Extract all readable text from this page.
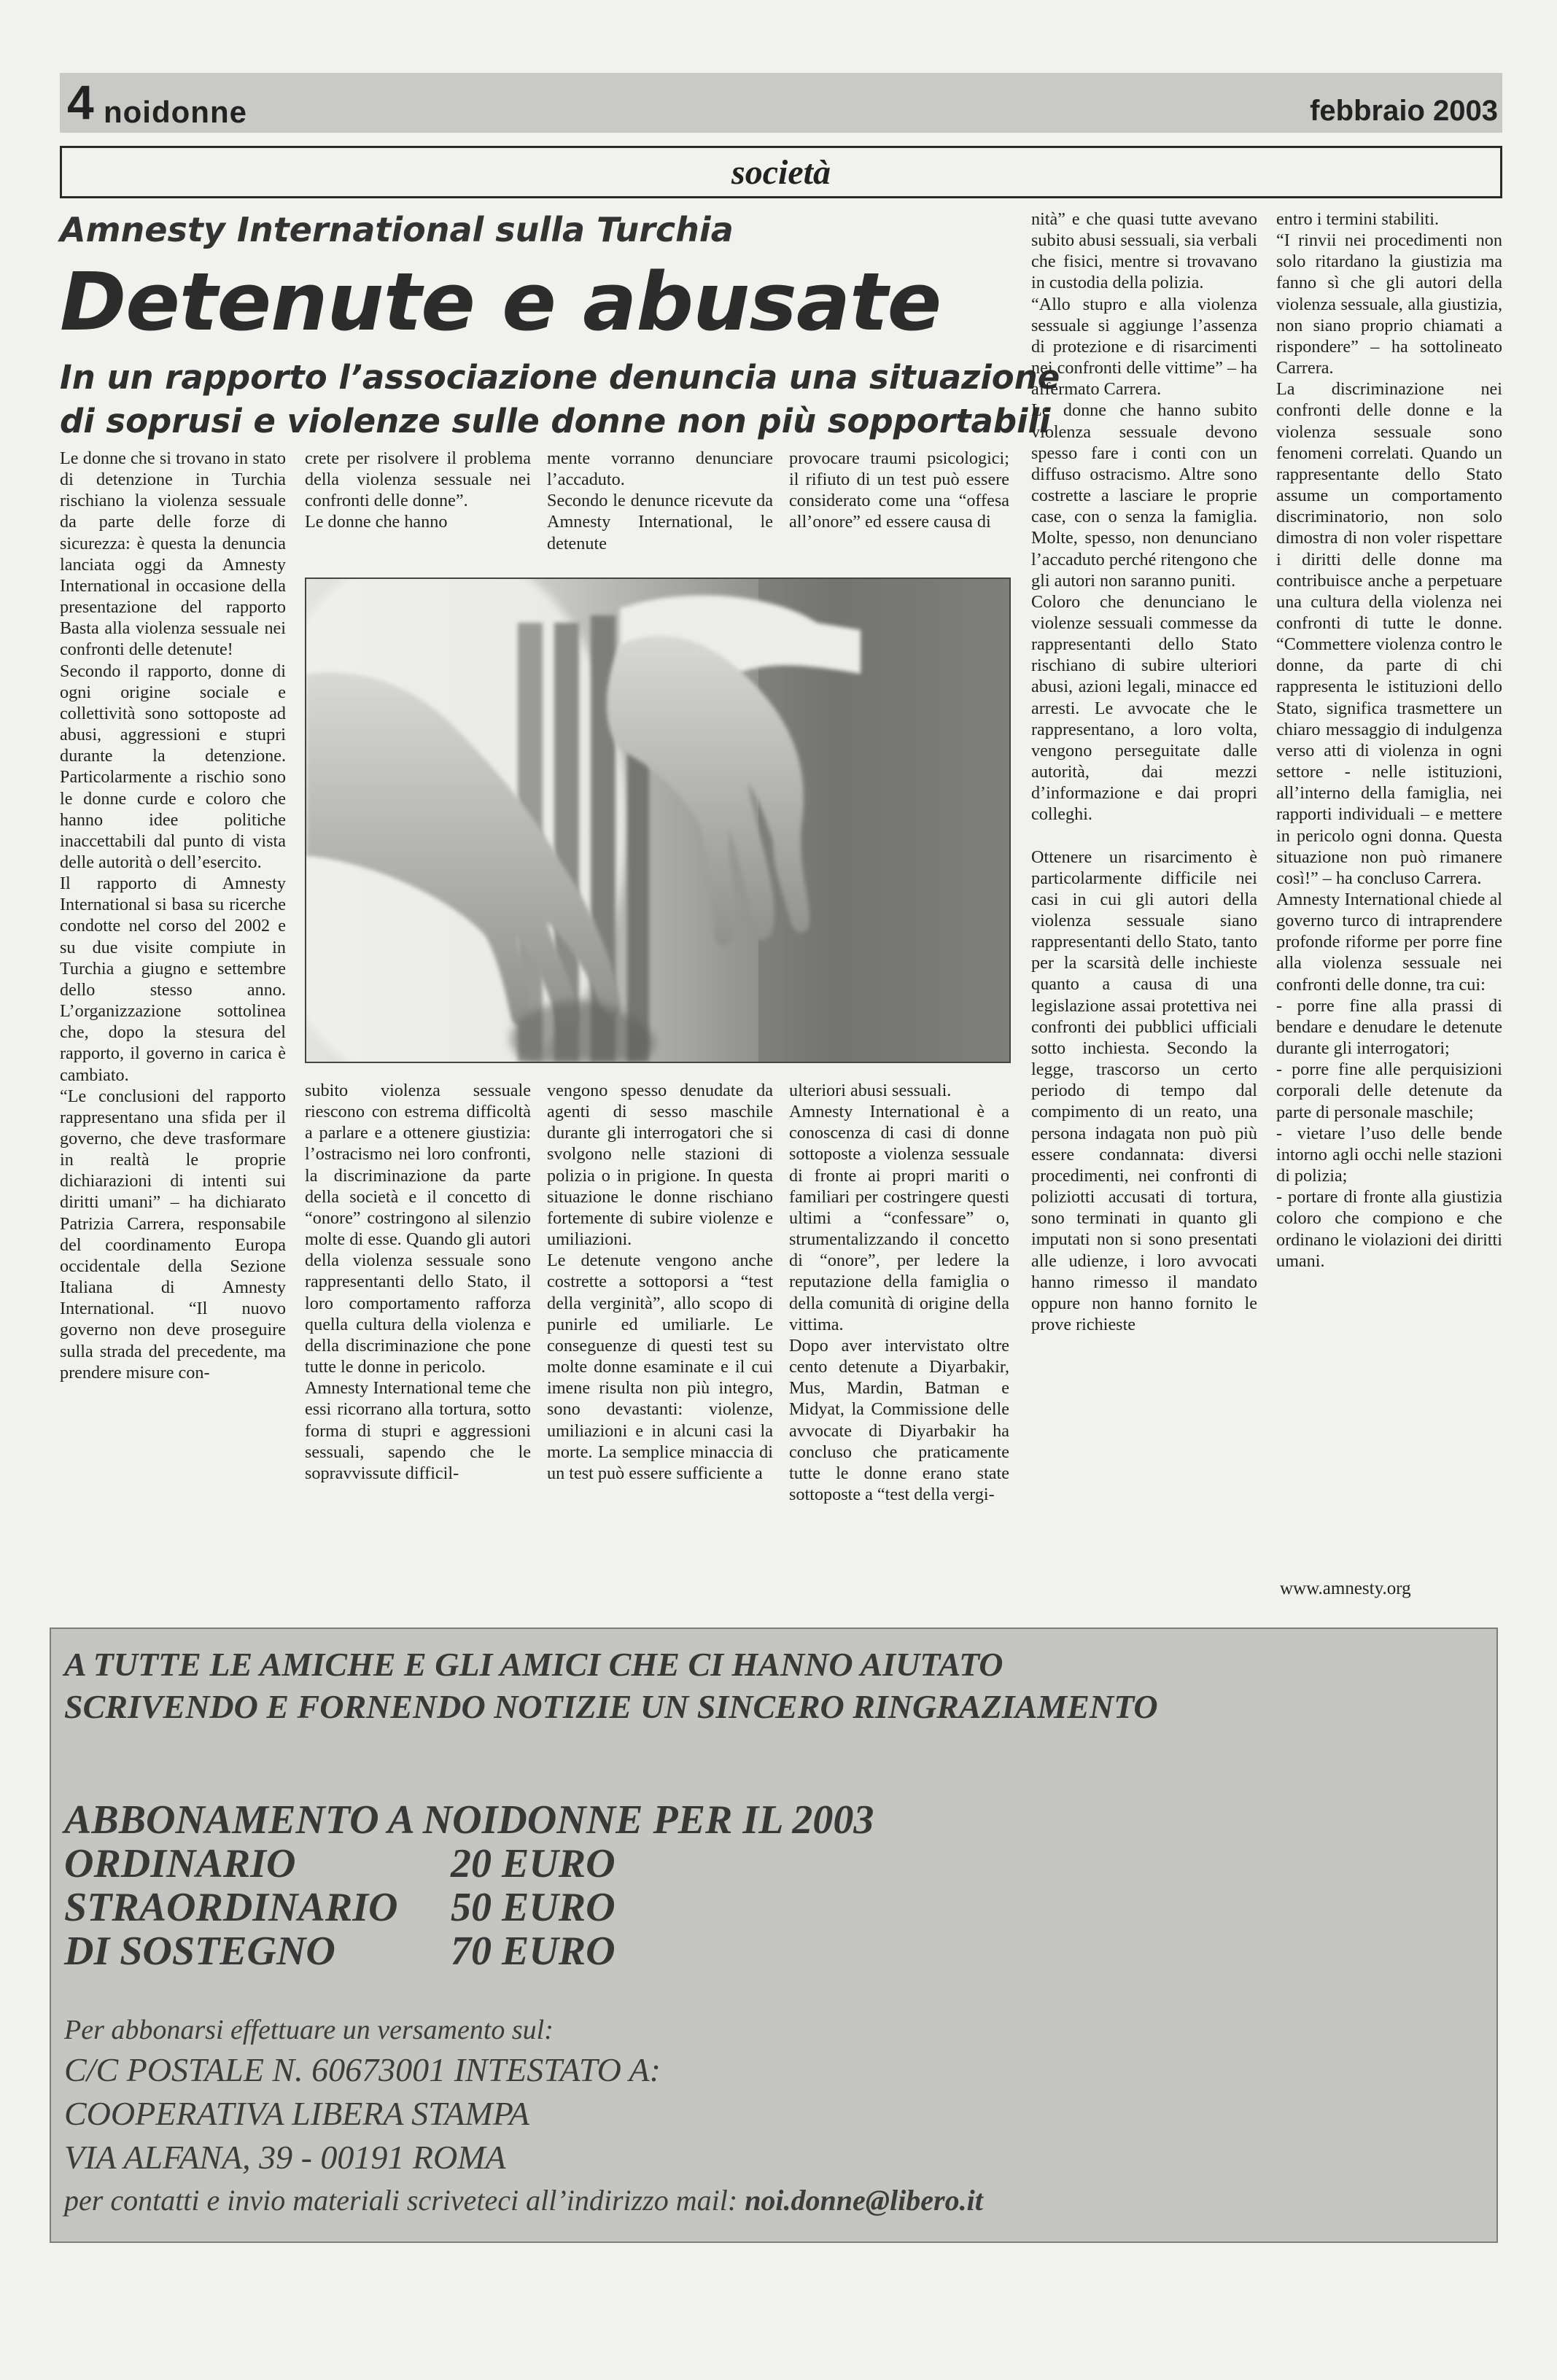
4 noidonne	febbraio 2003
società
Amnesty International sulla Turchia
Detenute e abusate
In un rapporto l’associazione denuncia una situazione
di soprusi e violenze sulle donne non più sopportabili

Le donne che si trovano in stato di detenzione in Turchia rischiano la violenza sessuale da parte delle forze di sicurezza: è questa la denuncia lanciata oggi da Amnesty International in occasione della presentazione del rapporto Basta alla violenza sessuale nei confronti delle detenute!

Secondo il rapporto, donne di ogni origine sociale e collettività sono sottoposte ad abusi, aggressioni e stupri durante la detenzione. Particolarmente a rischio sono le donne curde e coloro che hanno idee politiche inaccettabili dal punto di vista delle autorità o dell’esercito.

Il rapporto di Amnesty International si basa su ricerche condotte nel corso del 2002 e su due visite compiute in Turchia a giugno e settembre dello stesso anno. L’organizzazione sottolinea che, dopo la stesura del rapporto, il governo in carica è cambiato.

“Le conclusioni del rapporto rappresentano una sfida per il governo, che deve trasformare in realtà le proprie dichiarazioni di intenti sui diritti umani” – ha dichiarato Patrizia Carrera, responsabile del coordinamento Europa occidentale della Sezione Italiana di Amnesty International. “Il nuovo governo non deve proseguire sulla strada del precedente, ma prendere misure con-

crete per risolvere il problema della violenza sessuale nei confronti delle donne”.

Le donne che hanno

mente vorranno denunciare l’accaduto.

Secondo le denunce ricevute da Amnesty International, le detenute

provocare traumi psicologici; il rifiuto di un test può essere considerato come una “offesa all’onore” ed essere causa di

subito violenza sessuale riescono con estrema difficoltà a parlare e a ottenere giustizia: l’ostracismo nei loro confronti, la discriminazione da parte della società e il concetto di “onore” costringono al silenzio molte di esse. Quando gli autori della violenza sessuale sono rappresentanti dello Stato, il loro comportamento rafforza quella cultura della violenza e della discriminazione che pone tutte le donne in pericolo.

Amnesty International teme che essi ricorrano alla tortura, sotto forma di stupri e aggressioni sessuali, sapendo che le sopravvissute difficil-

vengono spesso denudate da agenti di sesso maschile durante gli interrogatori che si svolgono nelle stazioni di polizia o in prigione. In questa situazione le donne rischiano fortemente di subire violenze e umiliazioni.

Le detenute vengono anche costrette a sottoporsi a “test della verginità”, allo scopo di punirle ed umiliarle. Le conseguenze di questi test su molte donne esaminate e il cui imene risulta non più integro, sono devastanti: violenze, umiliazioni e in alcuni casi la morte. La semplice minaccia di un test può essere sufficiente a

ulteriori abusi sessuali.

Amnesty International è a conoscenza di casi di donne sottoposte a violenza sessuale di fronte ai propri mariti o familiari per costringere questi ultimi a “confessare” o, strumentalizzando il concetto di “onore”, per ledere la reputazione della famiglia o della comunità di origine della vittima.

Dopo aver intervistato oltre cento detenute a Diyarbakir, Mus, Mardin, Batman e Midyat, la Commissione delle avvocate di Diyarbakir ha concluso che praticamente tutte le donne erano state sottoposte a “test della vergi-

nità” e che quasi tutte avevano subito abusi sessuali, sia verbali che fisici, mentre si trovavano in custodia della polizia.

“Allo stupro e alla violenza sessuale si aggiunge l’assenza di protezione e di risarcimenti nei confronti delle vittime” – ha affermato Carrera.

Le donne che hanno subito violenza sessuale devono spesso fare i conti con un diffuso ostracismo. Altre sono costrette a lasciare le proprie case, con o senza la famiglia. Molte, spesso, non denunciano l’accaduto perché ritengono che gli autori non saranno puniti.

Coloro che denunciano le violenze sessuali commesse da rappresentanti dello Stato rischiano di subire ulteriori abusi, azioni legali, minacce ed arresti. Le avvocate che le rappresentano, a loro volta, vengono perseguitate dalle autorità, dai mezzi d’informazione e dai propri colleghi.

Ottenere un risarcimento è particolarmente difficile nei casi in cui gli autori della violenza sessuale siano rappresentanti dello Stato, tanto per la scarsità delle inchieste quanto a causa di una legislazione assai protettiva nei confronti dei pubblici ufficiali sotto inchiesta. Secondo la legge, trascorso un certo periodo di tempo dal compimento di un reato, una persona indagata non può più essere condannata: diversi procedimenti, nei confronti di poliziotti accusati di tortura, sono terminati in quanto gli imputati non si sono presentati alle udienze, i loro avvocati hanno rimesso il mandato oppure non hanno fornito le prove richieste

entro i termini stabiliti.

“I rinvii nei procedimenti non solo ritardano la giustizia ma fanno sì che gli autori della violenza sessuale, alla giustizia, non siano proprio chiamati a rispondere” – ha sottolineato Carrera.

La discriminazione nei confronti delle donne e la violenza sessuale sono fenomeni correlati. Quando un rappresentante dello Stato assume un comportamento discriminatorio, non solo dimostra di non voler rispettare i diritti delle donne ma contribuisce anche a perpetuare una cultura della violenza nei confronti di tutte le donne. “Commettere violenza contro le donne, da parte di chi rappresenta le istituzioni dello Stato, significa trasmettere un chiaro messaggio di indulgenza verso atti di violenza in ogni settore - nelle istituzioni, all’interno della famiglia, nei rapporti individuali – e mettere in pericolo ogni donna. Questa situazione non può rimanere così!” – ha concluso Carrera.

Amnesty International chiede al governo turco di intraprendere profonde riforme per porre fine alla violenza sessuale nei confronti delle donne, tra cui:

- porre fine alla prassi di bendare e denudare le detenute durante gli interrogatori;

- porre fine alle perquisizioni corporali delle detenute da parte di personale maschile;

- vietare l’uso delle bende intorno agli occhi nelle stazioni di polizia;

- portare di fronte alla giustizia coloro che compiono e che ordinano le violazioni dei diritti umani.

www.amnesty.org
A TUTTE LE AMICHE E GLI AMICI CHE CI HANNO AIUTATO
SCRIVENDO E FORNENDO NOTIZIE UN SINCERO RINGRAZIAMENTO
ABBONAMENTO A NOIDONNE PER IL 2003
ORDINARIO	20 EURO
STRAORDINARIO 50 EURO
DI SOSTEGNO	70 EURO
Per abbonarsi effettuare un versamento sul:
C/C POSTALE N. 60673001 INTESTATO A:
COOPERATIVA LIBERA STAMPA
VIA ALFANA, 39 - 00191 ROMA
per contatti e invio materiali scriveteci all’indirizzo mail: noi.donne@libero.it
